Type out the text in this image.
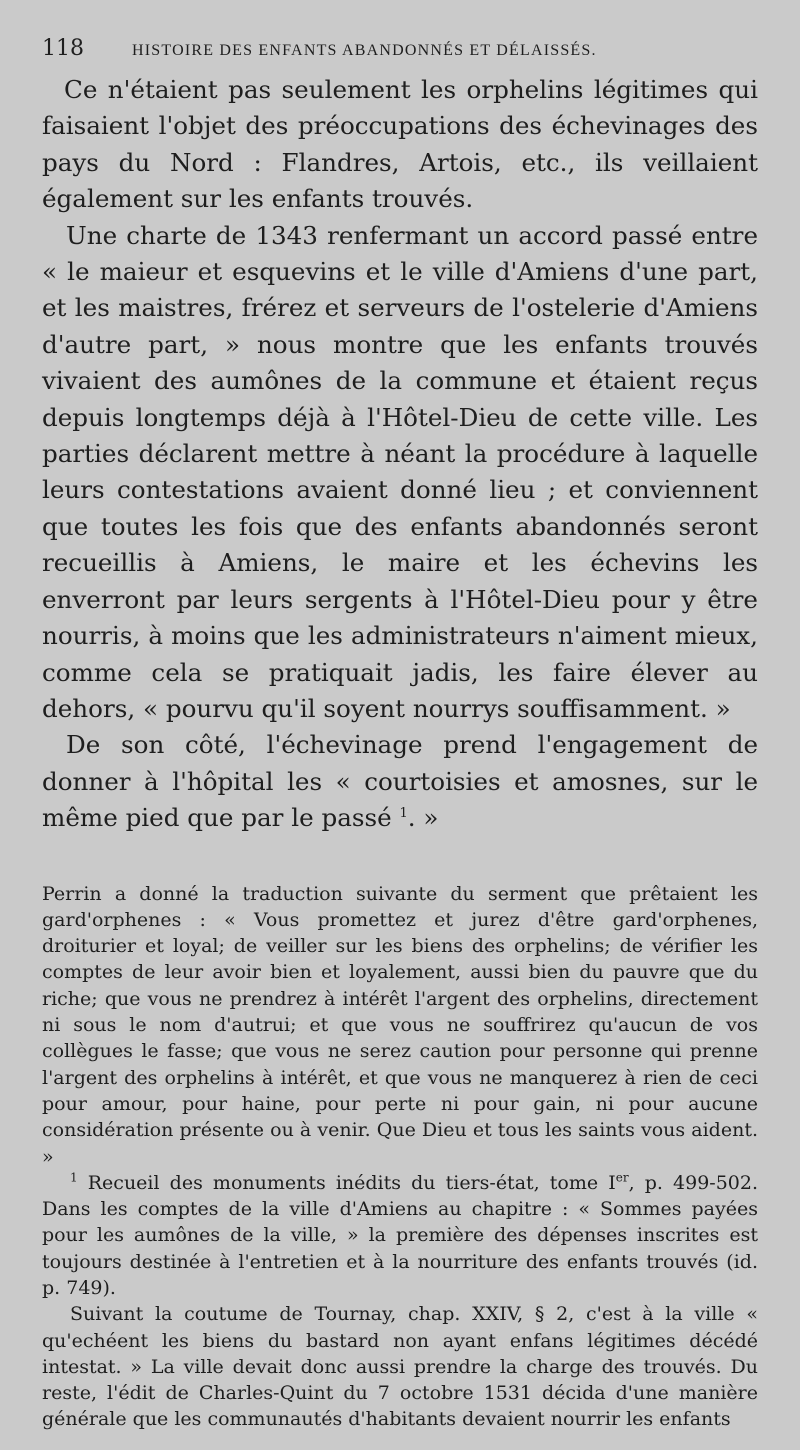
118	HISTOIRE DES ENFANTS ABANDONNÉS ET DÉLAISSÉS.

Ce n'étaient pas seulement les orphelins légitimes qui faisaient l'objet des préoccupations des échevinages des pays du Nord : Flandres, Artois, etc., ils veillaient également sur les enfants trouvés.

Une charte de 1343 renfermant un accord passé entre « le maieur et esquevins et le ville d'Amiens d'une part, et les maistres, frérez et serveurs de l'ostelerie d'Amiens d'autre part, » nous montre que les enfants trouvés vivaient des aumônes de la commune et étaient reçus depuis longtemps déjà à l'Hôtel-Dieu de cette ville. Les parties déclarent mettre à néant la procédure à laquelle leurs contestations avaient donné lieu ; et conviennent que toutes les fois que des enfants abandonnés seront recueillis à Amiens, le maire et les échevins les enverront par leurs sergents à l'Hôtel-Dieu pour y être nourris, à moins que les administrateurs n'aiment mieux, comme cela se pratiquait jadis, les faire élever au dehors, « pourvu qu'il soyent nourrys souffisamment. »

De son côté, l'échevinage prend l'engagement de donner à l'hôpital les « courtoisies et amosnes, sur le même pied que par le passé $^1$. »

Perrin a donné la traduction suivante du serment que prêtaient les gard'orphenes : « Vous promettez et jurez d'être gard'orphenes, droiturier et loyal; de veiller sur les biens des orphelins; de vérifier les comptes de leur avoir bien et loyalement, aussi bien du pauvre que du riche; que vous ne prendrez à intérêt l'argent des orphelins, directement ni sous le nom d'autrui; et que vous ne souffrirez qu'aucun de vos collègues le fasse; que vous ne serez caution pour personne qui prenne l'argent des orphelins à intérêt, et que vous ne manquerez à rien de ceci pour amour, pour haine, pour perte ni pour gain, ni pour aucune considération présente ou à venir. Que Dieu et tous les saints vous aident. »

$^1$ Recueil des monuments inédits du tiers-état, tome Ier, p. 499-502. Dans les comptes de la ville d'Amiens au chapitre : « Sommes payées pour les aumônes de la ville, » la première des dépenses inscrites est toujours destinée à l'entretien et à la nourriture des enfants trouvés (id. p. 749).

Suivant la coutume de Tournay, chap. XXIV, § 2, c'est à la ville « qu'echéent les biens du bastard non ayant enfans légitimes décédé intestat. » La ville devait donc aussi prendre la charge des trouvés. Du reste, l'édit de Charles-Quint du 7 octobre 1531 décida d'une manière générale que les communautés d'habitants devaient nourrir les enfants
